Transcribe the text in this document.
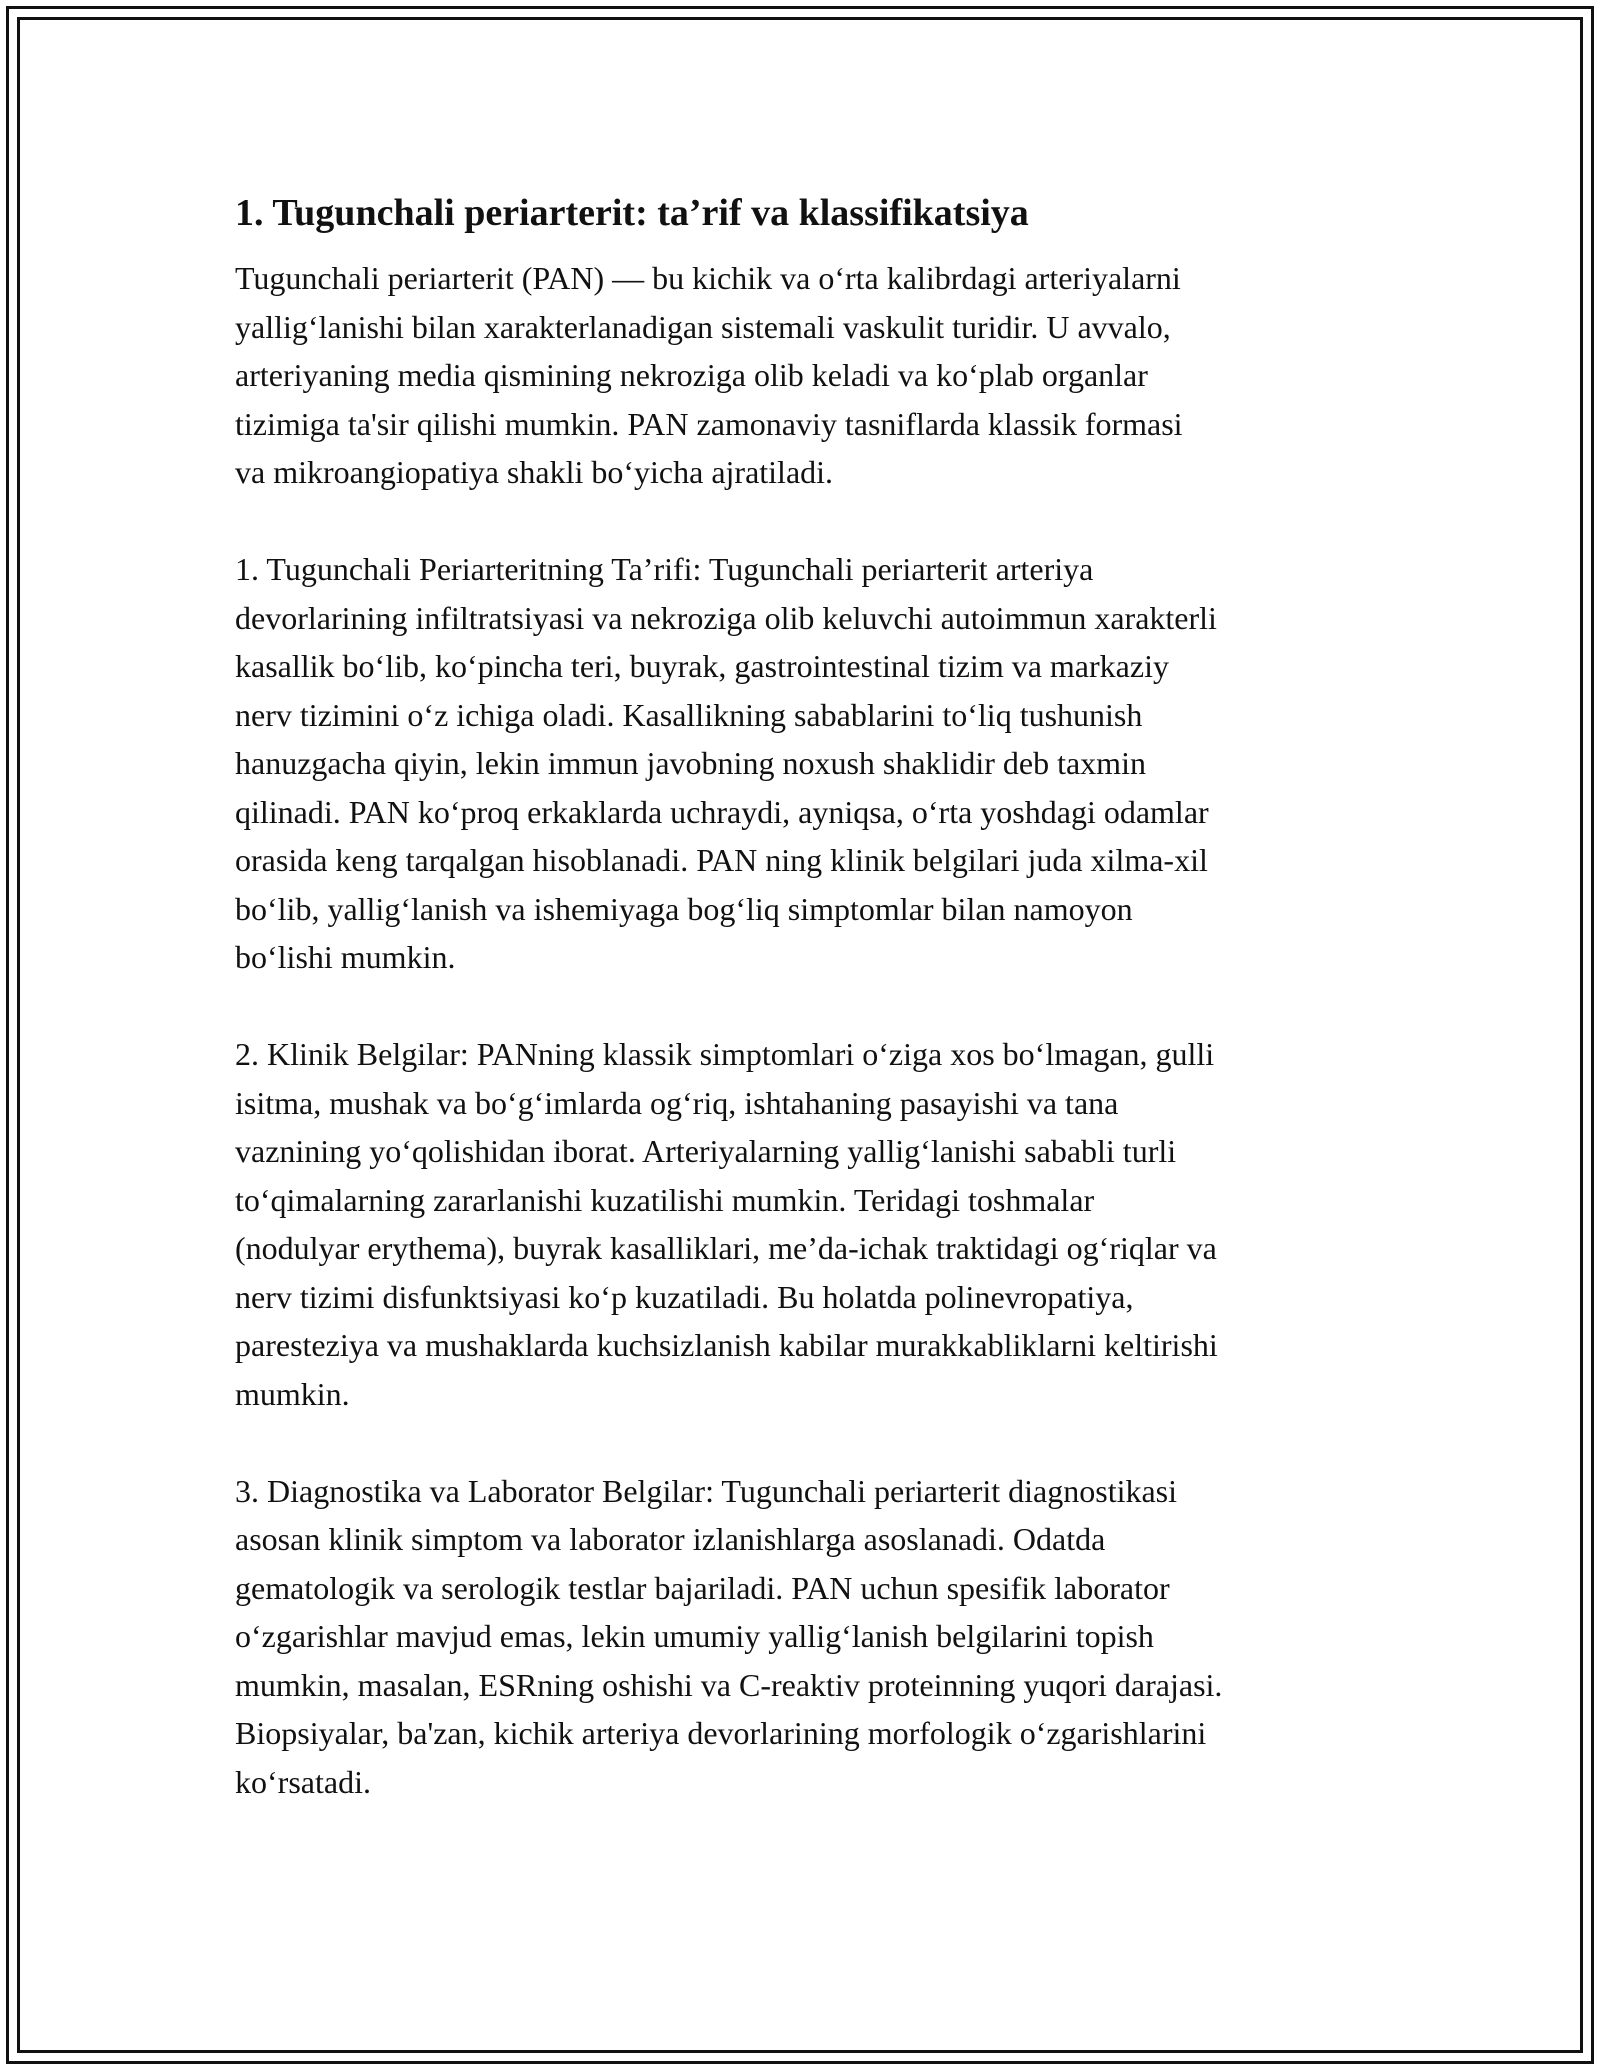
1. Tugunchali periarterit: ta’rif va klassifikatsiya

Tugunchali periarterit (PAN) — bu kichik va o‘rta kalibrdagi arteriyalarni
yallig‘lanishi bilan xarakterlanadigan sistemali vaskulit turidir. U avvalo,
arteriyaning media qismining nekroziga olib keladi va ko‘plab organlar
tizimiga ta'sir qilishi mumkin. PAN zamonaviy tasniflarda klassik formasi
va mikroangiopatiya shakli bo‘yicha ajratiladi.

1. Tugunchali Periarteritning Ta’rifi: Tugunchali periarterit arteriya
devorlarining infiltratsiyasi va nekroziga olib keluvchi autoimmun xarakterli
kasallik bo‘lib, ko‘pincha teri, buyrak, gastrointestinal tizim va markaziy
nerv tizimini o‘z ichiga oladi. Kasallikning sabablarini to‘liq tushunish
hanuzgacha qiyin, lekin immun javobning noxush shaklidir deb taxmin
qilinadi. PAN ko‘proq erkaklarda uchraydi, ayniqsa, o‘rta yoshdagi odamlar
orasida keng tarqalgan hisoblanadi. PAN ning klinik belgilari juda xilma-xil
bo‘lib, yallig‘lanish va ishemiyaga bog‘liq simptomlar bilan namoyon
bo‘lishi mumkin.

2. Klinik Belgilar: PANning klassik simptomlari o‘ziga xos bo‘lmagan, gulli
isitma, mushak va bo‘g‘imlarda og‘riq, ishtahaning pasayishi va tana
vaznining yo‘qolishidan iborat. Arteriyalarning yallig‘lanishi sababli turli
to‘qimalarning zararlanishi kuzatilishi mumkin. Teridagi toshmalar
(nodulyar erythema), buyrak kasalliklari, me’da-ichak traktidagi og‘riqlar va
nerv tizimi disfunktsiyasi ko‘p kuzatiladi. Bu holatda polinevropatiya,
paresteziya va mushaklarda kuchsizlanish kabilar murakkabliklarni keltirishi
mumkin.

3. Diagnostika va Laborator Belgilar: Tugunchali periarterit diagnostikasi
asosan klinik simptom va laborator izlanishlarga asoslanadi. Odatda
gematologik va serologik testlar bajariladi. PAN uchun spesifik laborator
o‘zgarishlar mavjud emas, lekin umumiy yallig‘lanish belgilarini topish
mumkin, masalan, ESRning oshishi va C-reaktiv proteinning yuqori darajasi.
Biopsiyalar, ba'zan, kichik arteriya devorlarining morfologik o‘zgarishlarini
ko‘rsatadi.
